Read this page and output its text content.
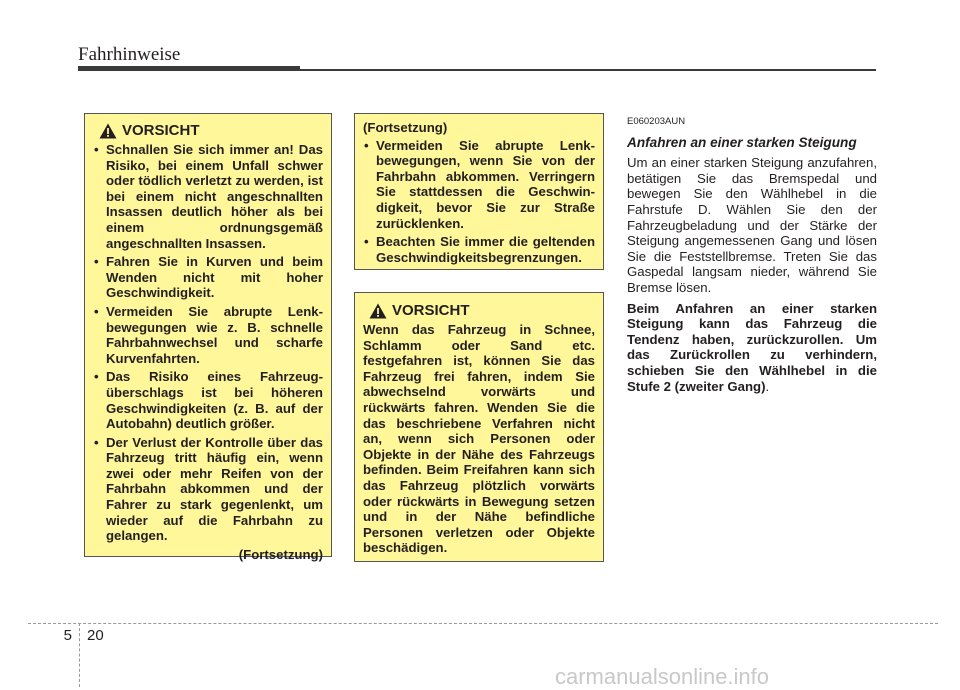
Fahrhinweise
VORSICHT
• Schnallen Sie sich immer an! Das Risiko, bei einem Unfall schwer oder tödlich verletzt zu werden, ist bei einem nicht angeschnallten Insassen deutlich höher als bei einem ordnungsgemäß angeschnallten Insassen.
• Fahren Sie in Kurven und beim Wenden nicht mit hoher Geschwindigkeit.
• Vermeiden Sie abrupte Lenkbewegungen wie z. B. schnelle Fahrbahnwechsel und scharfe Kurvenfahrten.
• Das Risiko eines Fahrzeugüberschlags ist bei höheren Geschwindigkeiten (z. B. auf der Autobahn) deutlich größer.
• Der Verlust der Kontrolle über das Fahrzeug tritt häufig ein, wenn zwei oder mehr Reifen von der Fahrbahn abkommen und der Fahrer zu stark gegenlenkt, um wieder auf die Fahrbahn zu gelangen.
(Fortsetzung)
(Fortsetzung)
• Vermeiden Sie abrupte Lenkbewegungen, wenn Sie von der Fahrbahn abkommen. Verringern Sie stattdessen die Geschwindigkeit, bevor Sie zur Straße zurücklenken.
• Beachten Sie immer die geltenden Geschwindigkeitsbegrenzungen.
VORSICHT
Wenn das Fahrzeug in Schnee, Schlamm oder Sand etc. festgefahren ist, können Sie das Fahrzeug frei fahren, indem Sie abwechselnd vorwärts und rückwärts fahren. Wenden Sie die das beschriebene Verfahren nicht an, wenn sich Personen oder Objekte in der Nähe des Fahrzeugs befinden. Beim Freifahren kann sich das Fahrzeug plötzlich vorwärts oder rückwärts in Bewegung setzen und in der Nähe befindliche Personen verletzen oder Objekte beschädigen.
E060203AUN
Anfahren an einer starken Steigung
Um an einer starken Steigung anzufahren, betätigen Sie das Bremspedal und bewegen Sie den Wählhebel in die Fahrstufe D. Wählen Sie den der Fahrzeugbeladung und der Stärke der Steigung angemessenen Gang und lösen Sie die Feststellbremse. Treten Sie das Gaspedal langsam nieder, während Sie Bremse lösen.
Beim Anfahren an einer starken Steigung kann das Fahrzeug die Tendenz haben, zurückzurollen. Um das Zurückrollen zu verhindern, schieben Sie den Wählhebel in die Stufe 2 (zweiter Gang).
5 20
carmanualsonline.info
